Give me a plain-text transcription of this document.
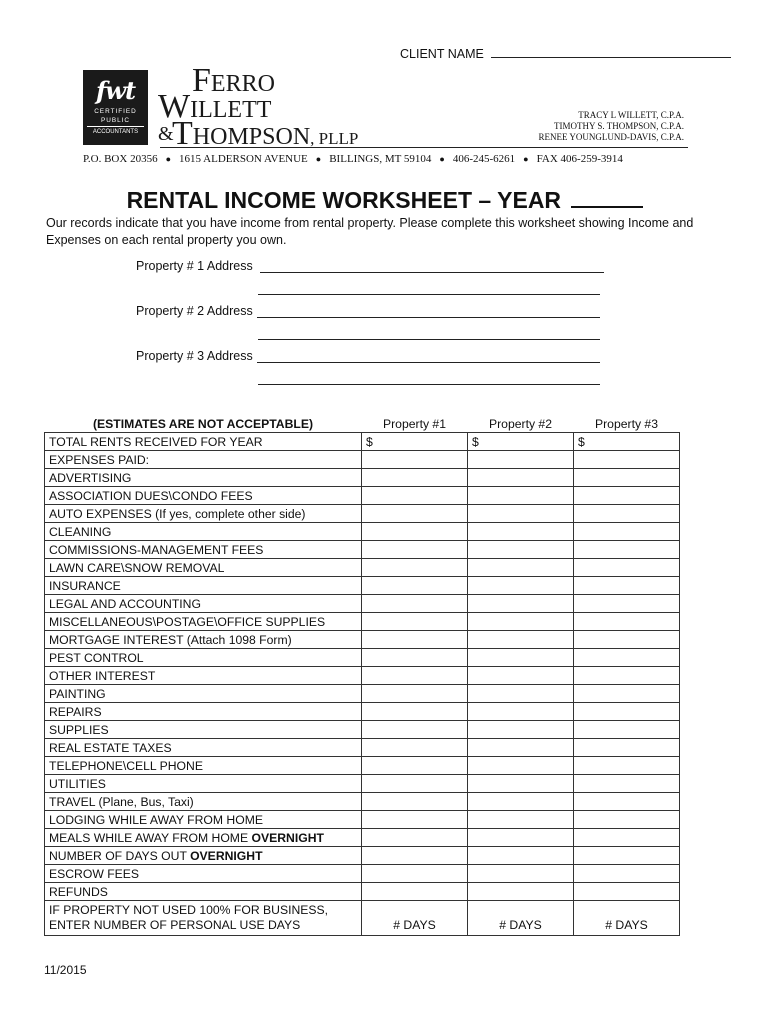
CLIENT NAME
fwt
CERTIFIED
PUBLIC
ACCOUNTANTS
FERRO
WILLETT
&
THOMPSON, PLLP
TRACY L WILLETT, C.P.A.
TIMOTHY S. THOMPSON, C.P.A.
RENEE YOUNGLUND-DAVIS, C.P.A.
P.O. BOX 20356 ● 1615 ALDERSON AVENUE ● BILLINGS, MT 59104 ● 406-245-6261 ● FAX 406-259-3914
RENTAL INCOME WORKSHEET – YEAR
Our records indicate that you have income from rental property. Please complete this worksheet showing Income and Expenses on each rental property you own.
Property # 1 Address
Property # 2 Address
Property # 3 Address
(ESTIMATES ARE NOT ACCEPTABLE)	Property #1	Property #2	Property #3
TOTAL RENTS RECEIVED FOR YEAR	$	$	$
EXPENSES PAID:			
ADVERTISING			
ASSOCIATION DUES\CONDO FEES			
AUTO EXPENSES (If yes, complete other side)			
CLEANING			
COMMISSIONS-MANAGEMENT FEES			
LAWN CARE\SNOW REMOVAL			
INSURANCE			
LEGAL AND ACCOUNTING			
MISCELLANEOUS\POSTAGE\OFFICE SUPPLIES			
MORTGAGE INTEREST (Attach 1098 Form)			
PEST CONTROL			
OTHER INTEREST			
PAINTING			
REPAIRS			
SUPPLIES			
REAL ESTATE TAXES			
TELEPHONE\CELL PHONE			
UTILITIES			
TRAVEL (Plane, Bus, Taxi)			
LODGING WHILE AWAY FROM HOME			
MEALS WHILE AWAY FROM HOME OVERNIGHT			
NUMBER OF DAYS OUT OVERNIGHT			
ESCROW FEES			
REFUNDS			

IF PROPERTY NOT USED 100% FOR BUSINESS,
ENTER NUMBER OF PERSONAL USE DAYS	# DAYS	# DAYS	# DAYS
11/2015
